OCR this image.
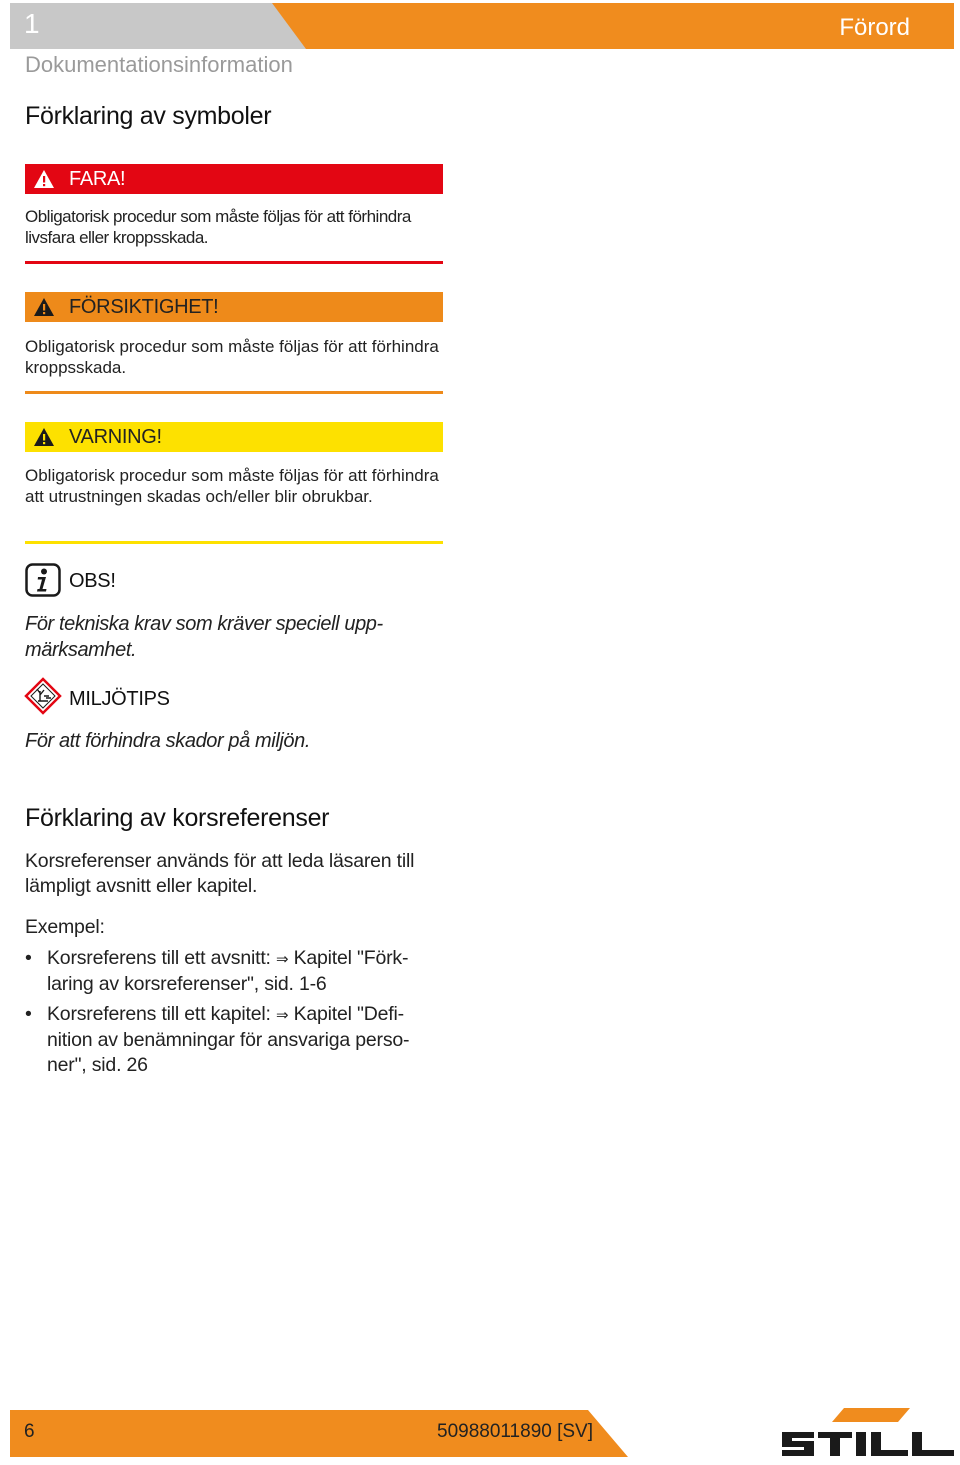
1	Förord
Dokumentationsinformation
Förklaring av symboler
FARA!
Obligatorisk procedur som måste följas för att förhindra livsfara eller kroppsskada.
FÖRSIKTIGHET!
Obligatorisk procedur som måste följas för att förhindra kroppsskada.
VARNING!
Obligatorisk procedur som måste följas för att förhindra att utrustningen skadas och/eller blir obrukbar.
OBS!
För tekniska krav som kräver speciell upp-
märksamhet.
MILJÖTIPS
För att förhindra skador på miljön.
Förklaring av korsreferenser
Korsreferenser används för att leda läsaren till
lämpligt avsnitt eller kapitel.
Exempel:
• Korsreferens till ett avsnitt: ⇒ Kapitel "Förk-
laring av korsreferenser", sid. 1-6
• Korsreferens till ett kapitel: ⇒ Kapitel "Defi-
nition av benämningar för ansvariga perso-
ner", sid. 26
6	50988011890 [SV]
